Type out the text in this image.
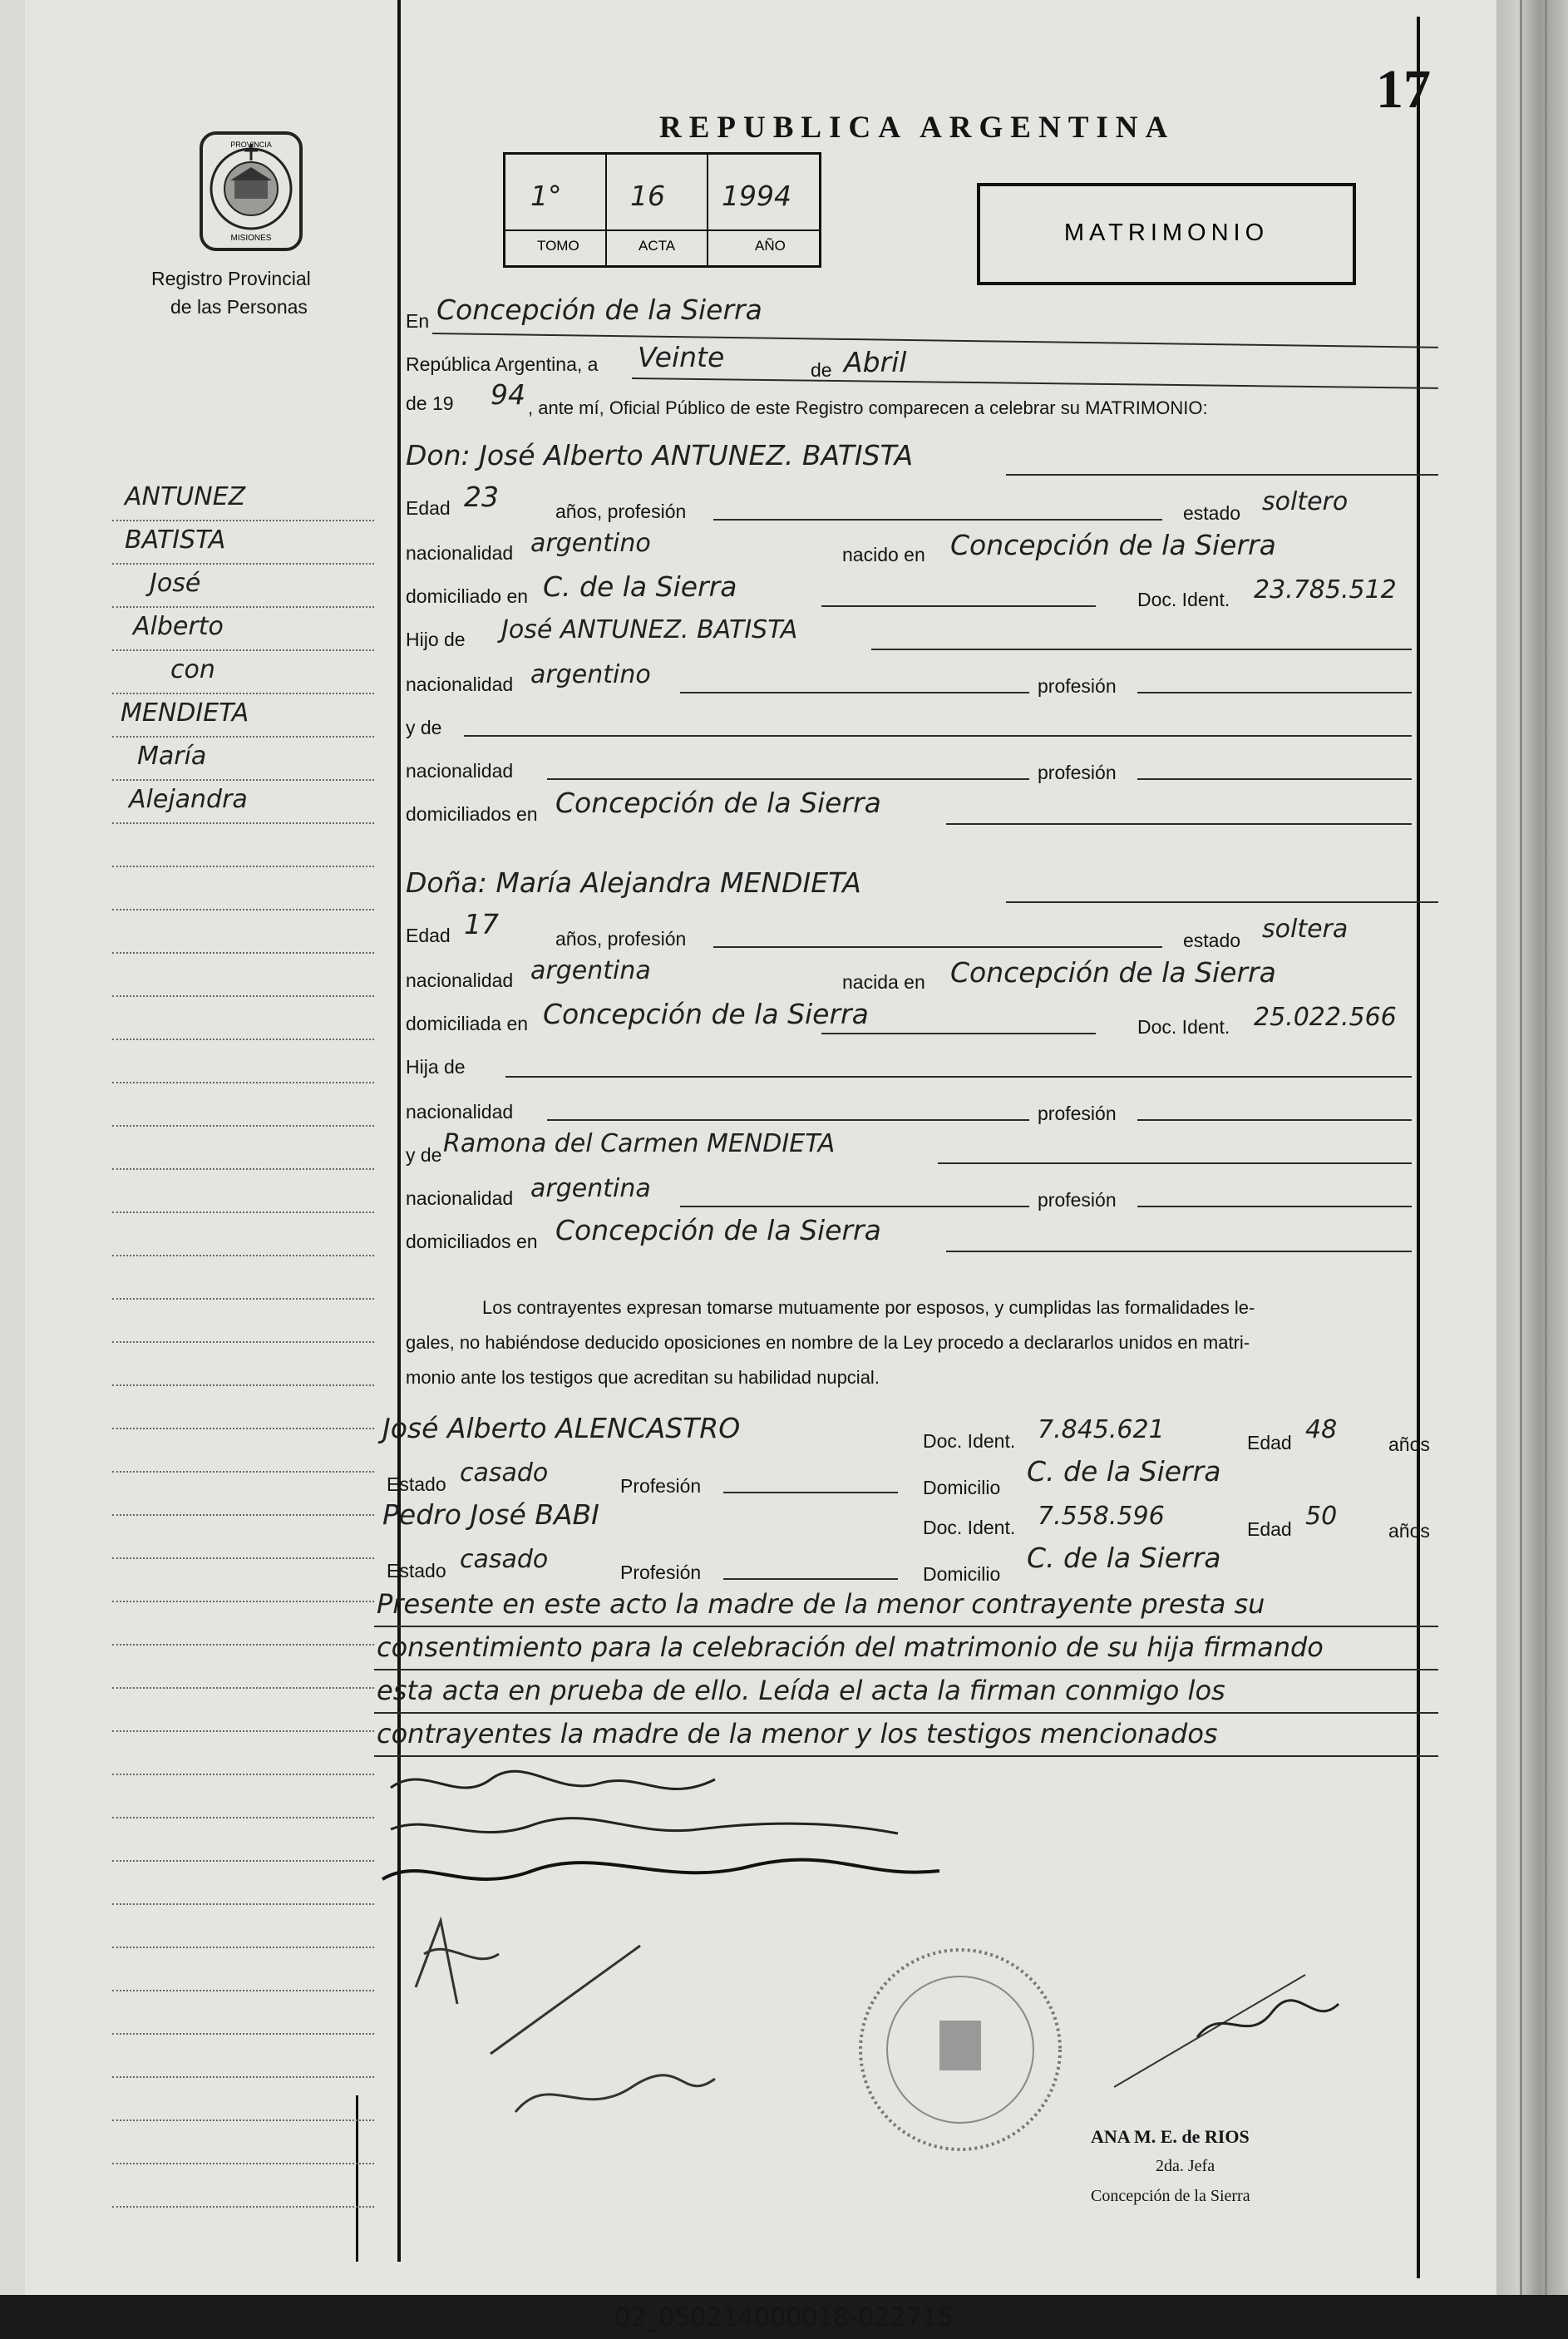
17
PROVINCIA
MISIONES
Registro Provincial
de las Personas
REPUBLICA ARGENTINA
1°	16 1994
TOMO	ACTA	AÑO	MATRIMONIO
ANTUNEZ
BATISTA
José
Alberto
con
MENDIETA
María
Alejandra
En Concepción de la Sierra
República Argentina, a Veinte	de Abril
de 19 94 , ante mí, Oficial Público de este Registro comparecen a celebrar su MATRIMONIO:
Don: José Alberto ANTUNEZ. BATISTA
Edad 23	años, profesión	estado soltero
nacionalidad argentino	nacido en Concepción de la Sierra
domiciliado en C. de la Sierra	Doc. Ident. 23.785.512
Hijo de José ANTUNEZ. BATISTA
nacionalidad argentino	profesión
y de
nacionalidad	profesión
domiciliados en Concepción de la Sierra
Doña: María Alejandra MENDIETA
Edad 17	años, profesión	estado soltera
nacionalidad argentina	nacida en Concepción de la Sierra
domiciliada en Concepción de la Sierra	Doc. Ident. 25.022.566
Hija de
nacionalidad	profesión
y de Ramona del Carmen MENDIETA
nacionalidad argentina	profesión
domiciliados en Concepción de la Sierra
Los contrayentes expresan tomarse mutuamente por esposos, y cumplidas las formalidades le-
gales, no habiéndose deducido oposiciones en nombre de la Ley procedo a declararlos unidos en matri-
monio ante los testigos que acreditan su habilidad nupcial.
José Alberto ALENCASTRO	Doc. Ident. 7.845.621	Edad 48	años
Estado casado	Profesión	Domicilio C. de la Sierra
Pedro José BABI	Doc. Ident. 7.558.596	Edad 50	años
Estado casado	Profesión	Domicilio C. de la Sierra
Presente en este acto la madre de la menor contrayente presta su
consentimiento para la celebración del matrimonio de su hija firmando
esta acta en prueba de ello. Leída el acta la firman conmigo los
contrayentes la madre de la menor y los testigos mencionados
ANA M. E. de RIOS
2da. Jefa
Concepción de la Sierra
02_050214000018-022715
